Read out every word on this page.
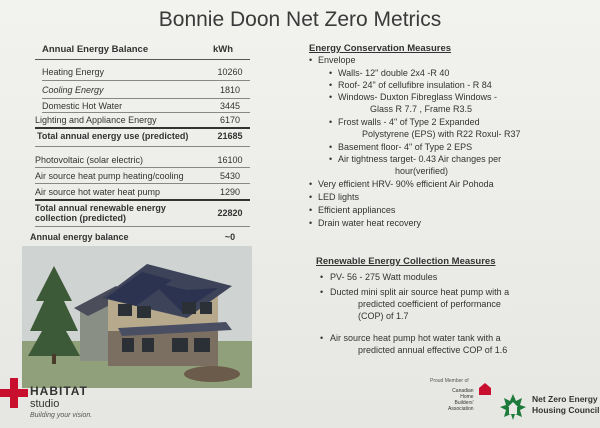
Bonnie Doon Net Zero Metrics
Annual Energy Balance	kWh
Heating Energy	10260
Cooling Energy	1810
Domestic Hot Water	3445
Lighting and Appliance Energy	6170
Total annual energy use (predicted)	21685
Photovoltaic (solar electric)	16100
Air source heat pump heating/cooling	5430
Air source hot water heat pump	1290
Total annual renewable energy	22820
collection (predicted)
Annual energy balance	~0
Energy Conservation Measures
• Envelope
• Walls- 12" double 2x4 -R 40
• Roof- 24" of cellufibre insulation - R 84
• Windows- Duxton Fibreglass Windows -
Glass R 7.7 , Frame R3.5
• Frost walls - 4" of Type 2 Expanded
Polystyrene (EPS) with R22 Roxul- R37
• Basement floor- 4" of Type 2 EPS
• Air tightness target- 0.43 Air changes per
hour(verified)
• Very efficient HRV- 90% efficient Air Pohoda
• LED lights
• Efficient appliances
• Drain water heat recovery
Renewable Energy Collection Measures
• PV- 56 - 275 Watt modules
• Ducted mini split air source heat pump with a
predicted coefficient of performance
(COP) of 1.7
• Air source heat pump hot water tank with a
predicted annual effective COP of 1.6
HABITAT
studio
Building your vision.
Proud Member of
Canadian
Home Builders'
Association
Net Zero Energy
Housing Council
